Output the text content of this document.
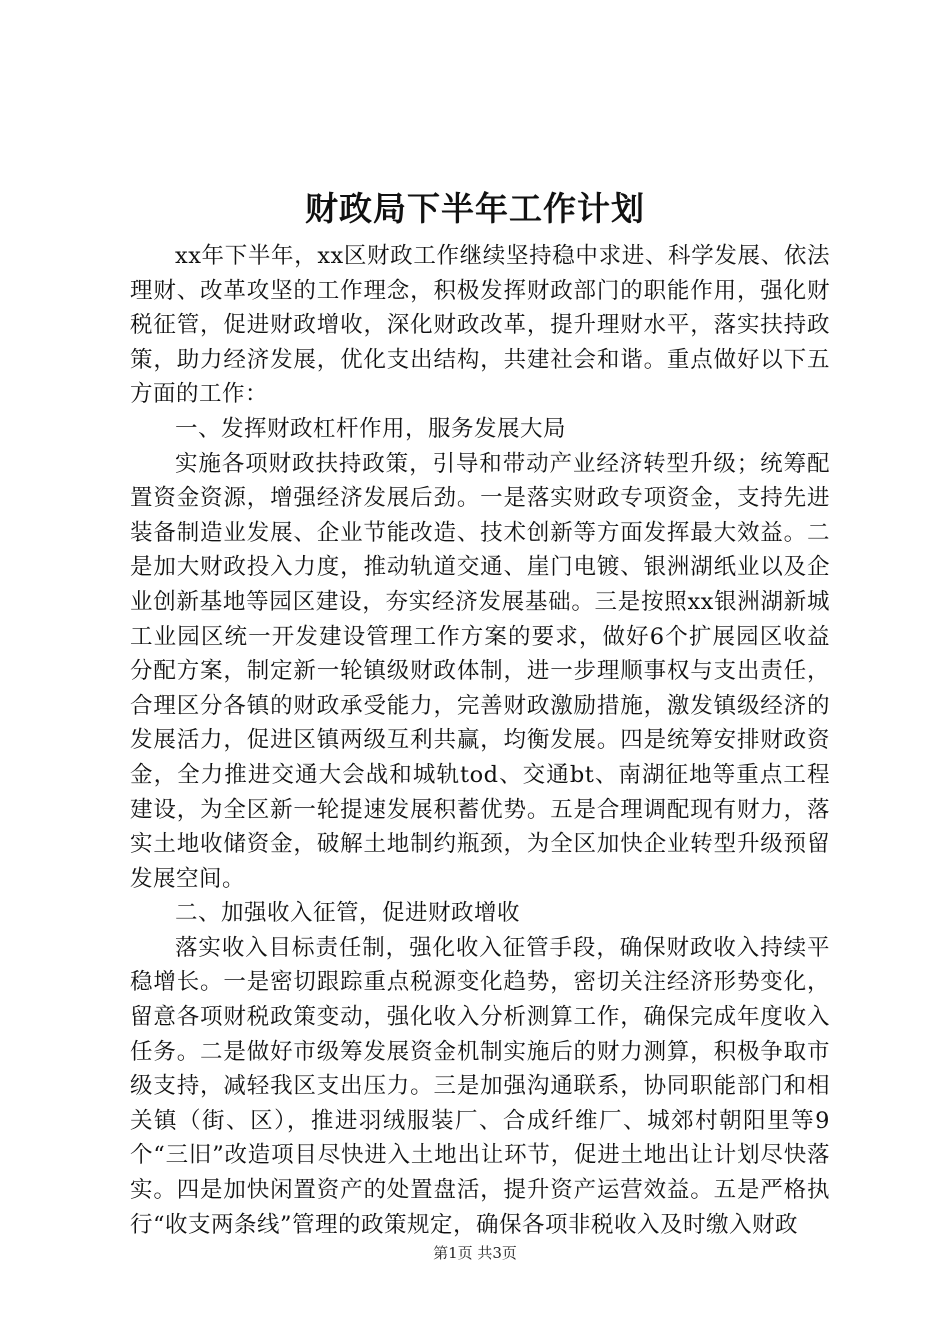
财政局下半年工作计划

xx年下半年，xx区财政工作继续坚持稳中求进、科学发展、依法理财、改革攻坚的工作理念，积极发挥财政部门的职能作用，强化财税征管，促进财政增收，深化财政改革，提升理财水平，落实扶持政策，助力经济发展，优化支出结构，共建社会和谐。重点做好以下五方面的工作：

一、发挥财政杠杆作用，服务发展大局

实施各项财政扶持政策，引导和带动产业经济转型升级；统筹配置资金资源，增强经济发展后劲。一是落实财政专项资金，支持先进装备制造业发展、企业节能改造、技术创新等方面发挥最大效益。二是加大财政投入力度，推动轨道交通、崖门电镀、银洲湖纸业以及企业创新基地等园区建设，夯实经济发展基础。三是按照xx银洲湖新城工业园区统一开发建设管理工作方案的要求，做好6个扩展园区收益分配方案，制定新一轮镇级财政体制，进一步理顺事权与支出责任，合理区分各镇的财政承受能力，完善财政激励措施，激发镇级经济的发展活力，促进区镇两级互利共赢，均衡发展。四是统筹安排财政资金，全力推进交通大会战和城轨tod、交通bt、南湖征地等重点工程建设，为全区新一轮提速发展积蓄优势。五是合理调配现有财力，落实土地收储资金，破解土地制约瓶颈，为全区加快企业转型升级预留发展空间。

二、加强收入征管，促进财政增收

落实收入目标责任制，强化收入征管手段，确保财政收入持续平稳增长。一是密切跟踪重点税源变化趋势，密切关注经济形势变化，留意各项财税政策变动，强化收入分析测算工作，确保完成年度收入任务。二是做好市级筹发展资金机制实施后的财力测算，积极争取市级支持，减轻我区支出压力。三是加强沟通联系，协同职能部门和相关镇（街、区），推进羽绒服装厂、合成纤维厂、城郊村朝阳里等9个“三旧”改造项目尽快进入土地出让环节，促进土地出让计划尽快落实。四是加快闲置资产的处置盘活，提升资产运营效益。五是严格执行“收支两条线”管理的政策规定，确保各项非税收入及时缴入财政

第1页 共3页
